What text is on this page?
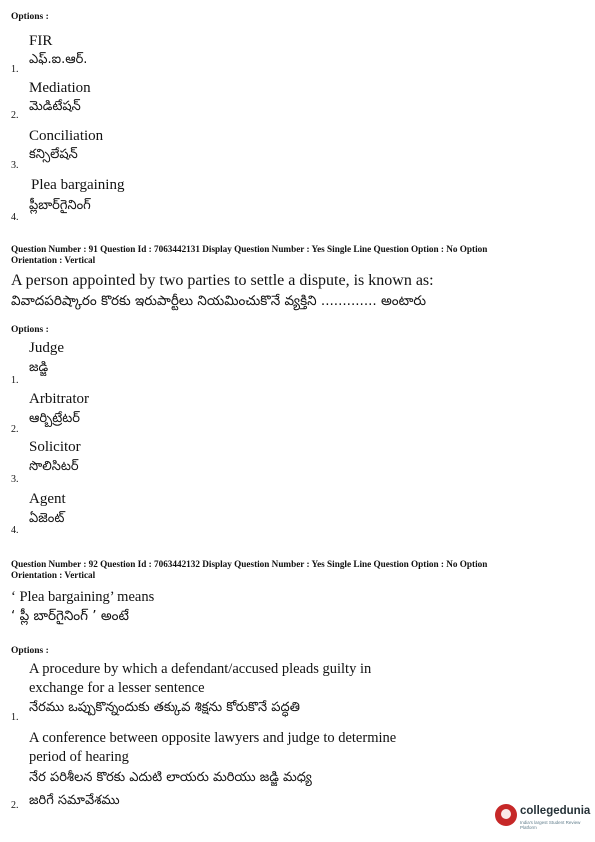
Options :
FIR
ఎఫ్.ఐ.ఆర్.
1.
Mediation
మెడిటేషన్
2.
Conciliation
కన్సిలేషన్
3.
Plea bargaining
ప్లీబార్‌గైనింగ్
4.
Question Number : 91 Question Id : 7063442131 Display Question Number : Yes Single Line Question Option : No Option
Orientation : Vertical
A person appointed by two parties to settle a dispute, is known as:
వివాదపరిష్కారం కొరకు ఇరుపార్టీలు నియమించుకొనే వ్యక్తిని ............. అంటారు
Options :
Judge
జడ్జి
1.
Arbitrator
ఆర్బిట్రేటర్
2.
Solicitor
సొలిసిటర్
3.
Agent
ఏజెంట్
4.
Question Number : 92 Question Id : 7063442132 Display Question Number : Yes Single Line Question Option : No Option
Orientation : Vertical
‘ Plea bargaining’ means
‘ ప్లీ బార్‌గైనింగ్ ’ అంటే
Options :
A procedure by which a defendant/accused pleads guilty in
exchange for a lesser sentence
నేరము ఒప్పుకొన్నందుకు తక్కువ శిక్షను కోరుకొనే పద్ధతి
1.
A conference between opposite lawyers and judge to determine
period of hearing
నేర పరిశీలన కొరకు ఎదుటి లాయరు మరియు జడ్జి మధ్య
జరిగే సమావేశము
2.	collegedunia
India's largest Student Review Platform
